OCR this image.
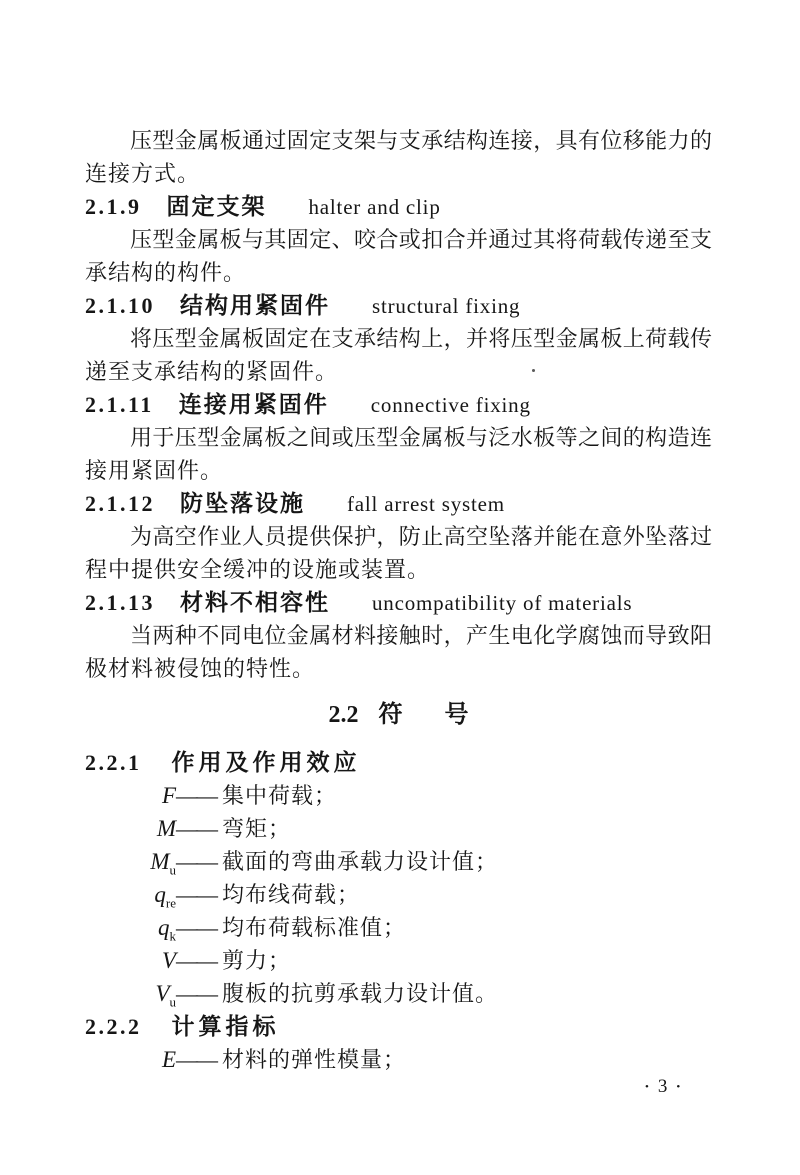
压型金属板通过固定支架与支承结构连接，具有位移能力的
连接方式。
2.1.9 固定支架 halter and clip
压型金属板与其固定、咬合或扣合并通过其将荷载传递至支
承结构的构件。
2.1.10 结构用紧固件 structural fixing
将压型金属板固定在支承结构上，并将压型金属板上荷载传
递至支承结构的紧固件。
2.1.11 连接用紧固件 connective fixing
用于压型金属板之间或压型金属板与泛水板等之间的构造连
接用紧固件。
2.1.12 防坠落设施 fall arrest system
为高空作业人员提供保护，防止高空坠落并能在意外坠落过
程中提供安全缓冲的设施或装置。
2.1.13 材料不相容性 uncompatibility of materials
当两种不同电位金属材料接触时，产生电化学腐蚀而导致阳
极材料被侵蚀的特性。
2.2 符 号
2.2.1 作用及作用效应
F —— 集中荷载；
M —— 弯矩；
$M_u$ —— 截面的弯曲承载力设计值；
$q_{re}$ —— 均布线荷载；
$q_k$ —— 均布荷载标准值；
V —— 剪力；
$V_u$ —— 腹板的抗剪承载力设计值。
2.2.2 计算指标
E —— 材料的弹性模量；
• 3 •
